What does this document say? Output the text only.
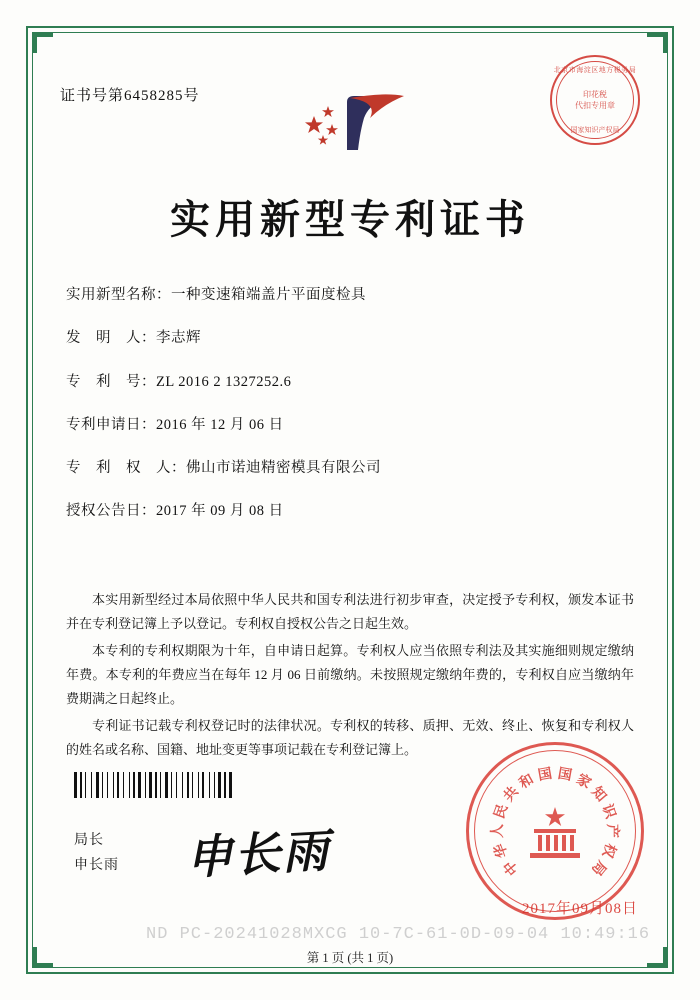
证书号第6458285号
北京市海淀区地方税务局
印花税
代扣专用章
国家知识产权局
实用新型专利证书
实用新型名称：一种变速箱端盖片平面度检具
发　明　人：李志辉
专　利　号：ZL 2016 2 1327252.6
专利申请日：2016 年 12 月 06 日
专　利　权　人：佛山市诺迪精密模具有限公司
授权公告日：2017 年 09 月 08 日

本实用新型经过本局依照中华人民共和国专利法进行初步审查，决定授予专利权，颁发本证书并在专利登记簿上予以登记。专利权自授权公告之日起生效。

本专利的专利权期限为十年，自申请日起算。专利权人应当依照专利法及其实施细则规定缴纳年费。本专利的年费应当在每年 12 月 06 日前缴纳。未按照规定缴纳年费的，专利权自应当缴纳年费期满之日起终止。

专利证书记载专利权登记时的法律状况。专利权的转移、质押、无效、终止、恢复和专利权人的姓名或名称、国籍、地址变更等事项记载在专利登记簿上。

局长
申长雨 申长雨	中
华
人
民
共
和 国 国 家
知
识
产
权
局
2017年09月08日
ND PC-20241028MXCG 10-7C-61-0D-09-04 10:49:16
第 1 页 (共 1 页)
